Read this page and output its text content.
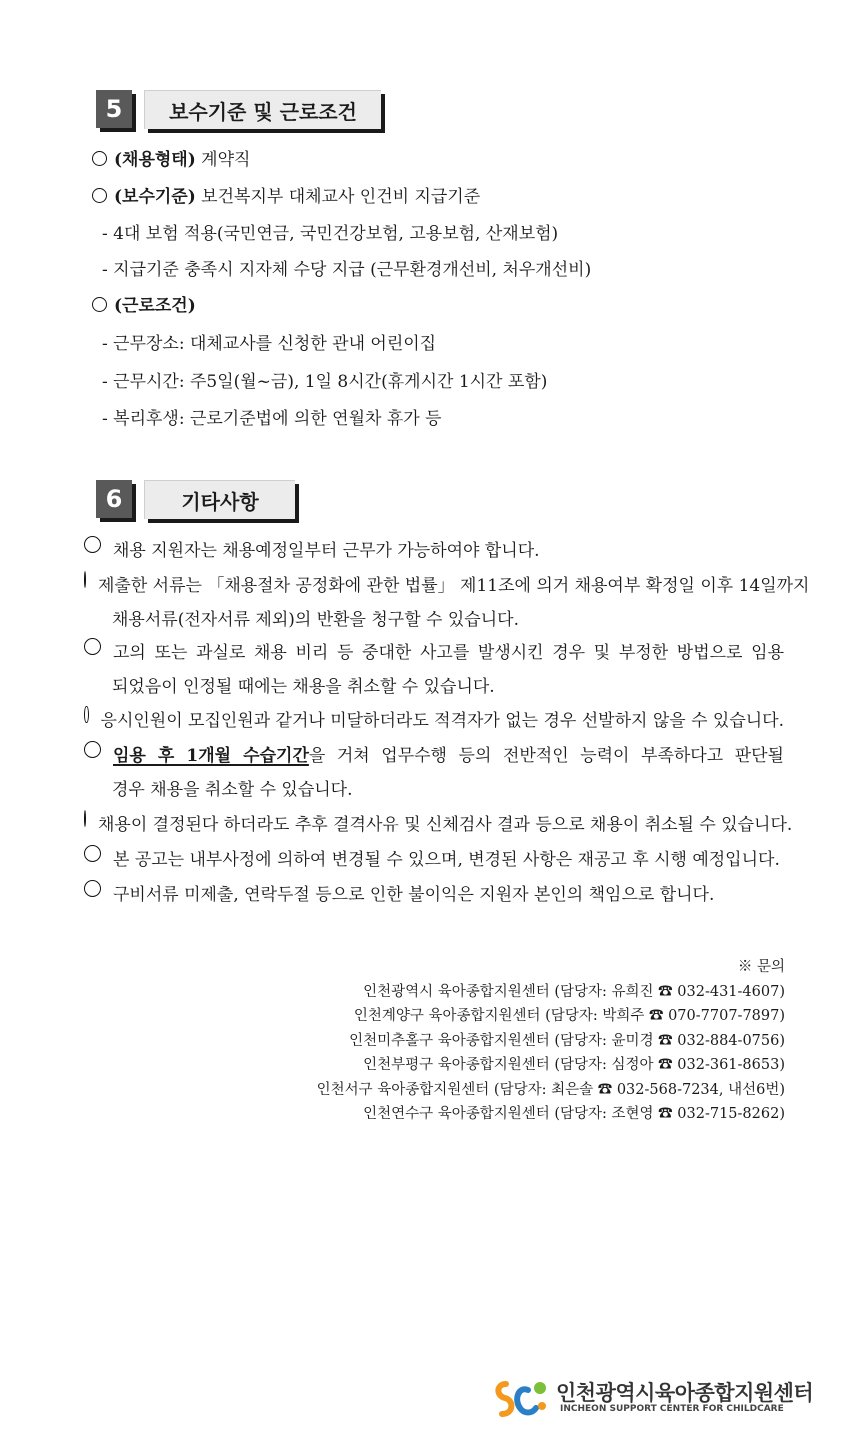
5	보수기준 및 근로조건
(채용형태) 계약직
(보수기준) 보건복지부 대체교사 인건비 지급기준
- 4대 보험 적용(국민연금, 국민건강보험, 고용보험, 산재보험)
- 지급기준 충족시 지자체 수당 지급 (근무환경개선비, 처우개선비)
(근로조건)
- 근무장소: 대체교사를 신청한 관내 어린이집
- 근무시간: 주5일(월~금), 1일 8시간(휴게시간 1시간 포함)
- 복리후생: 근로기준법에 의한 연월차 휴가 등
6	기타사항
채용 지원자는 채용예정일부터 근무가 가능하여야 합니다.
제출한 서류는 「채용절차 공정화에 관한 법률」 제11조에 의거 채용여부 확정일 이후 14일까지
채용서류(전자서류 제외)의 반환을 청구할 수 있습니다.
고의 또는 과실로 채용 비리 등 중대한 사고를 발생시킨 경우 및 부정한 방법으로 임용
되었음이 인정될 때에는 채용을 취소할 수 있습니다.
응시인원이 모집인원과 같거나 미달하더라도 적격자가 없는 경우 선발하지 않을 수 있습니다.
임용 후 1개월 수습기간을 거쳐 업무수행 등의 전반적인 능력이 부족하다고 판단될
경우 채용을 취소할 수 있습니다.
채용이 결정된다 하더라도 추후 결격사유 및 신체검사 결과 등으로 채용이 취소될 수 있습니다.
본 공고는 내부사정에 의하여 변경될 수 있으며, 변경된 사항은 재공고 후 시행 예정입니다.
구비서류 미제출, 연락두절 등으로 인한 불이익은 지원자 본인의 책임으로 합니다.
※ 문의
인천광역시 육아종합지원센터 (담당자: 유희진 ☎ 032-431-4607)
인천계양구 육아종합지원센터 (담당자: 박희주 ☎ 070-7707-7897)
인천미추홀구 육아종합지원센터 (담당자: 윤미경 ☎ 032-884-0756)
인천부평구 육아종합지원센터 (담당자: 심정아 ☎ 032-361-8653)
인천서구 육아종합지원센터 (담당자: 최은솔 ☎ 032-568-7234, 내선6번)
인천연수구 육아종합지원센터 (담당자: 조현영 ☎ 032-715-8262)
인천광역시육아종합지원센터
INCHEON SUPPORT CENTER FOR CHILDCARE
